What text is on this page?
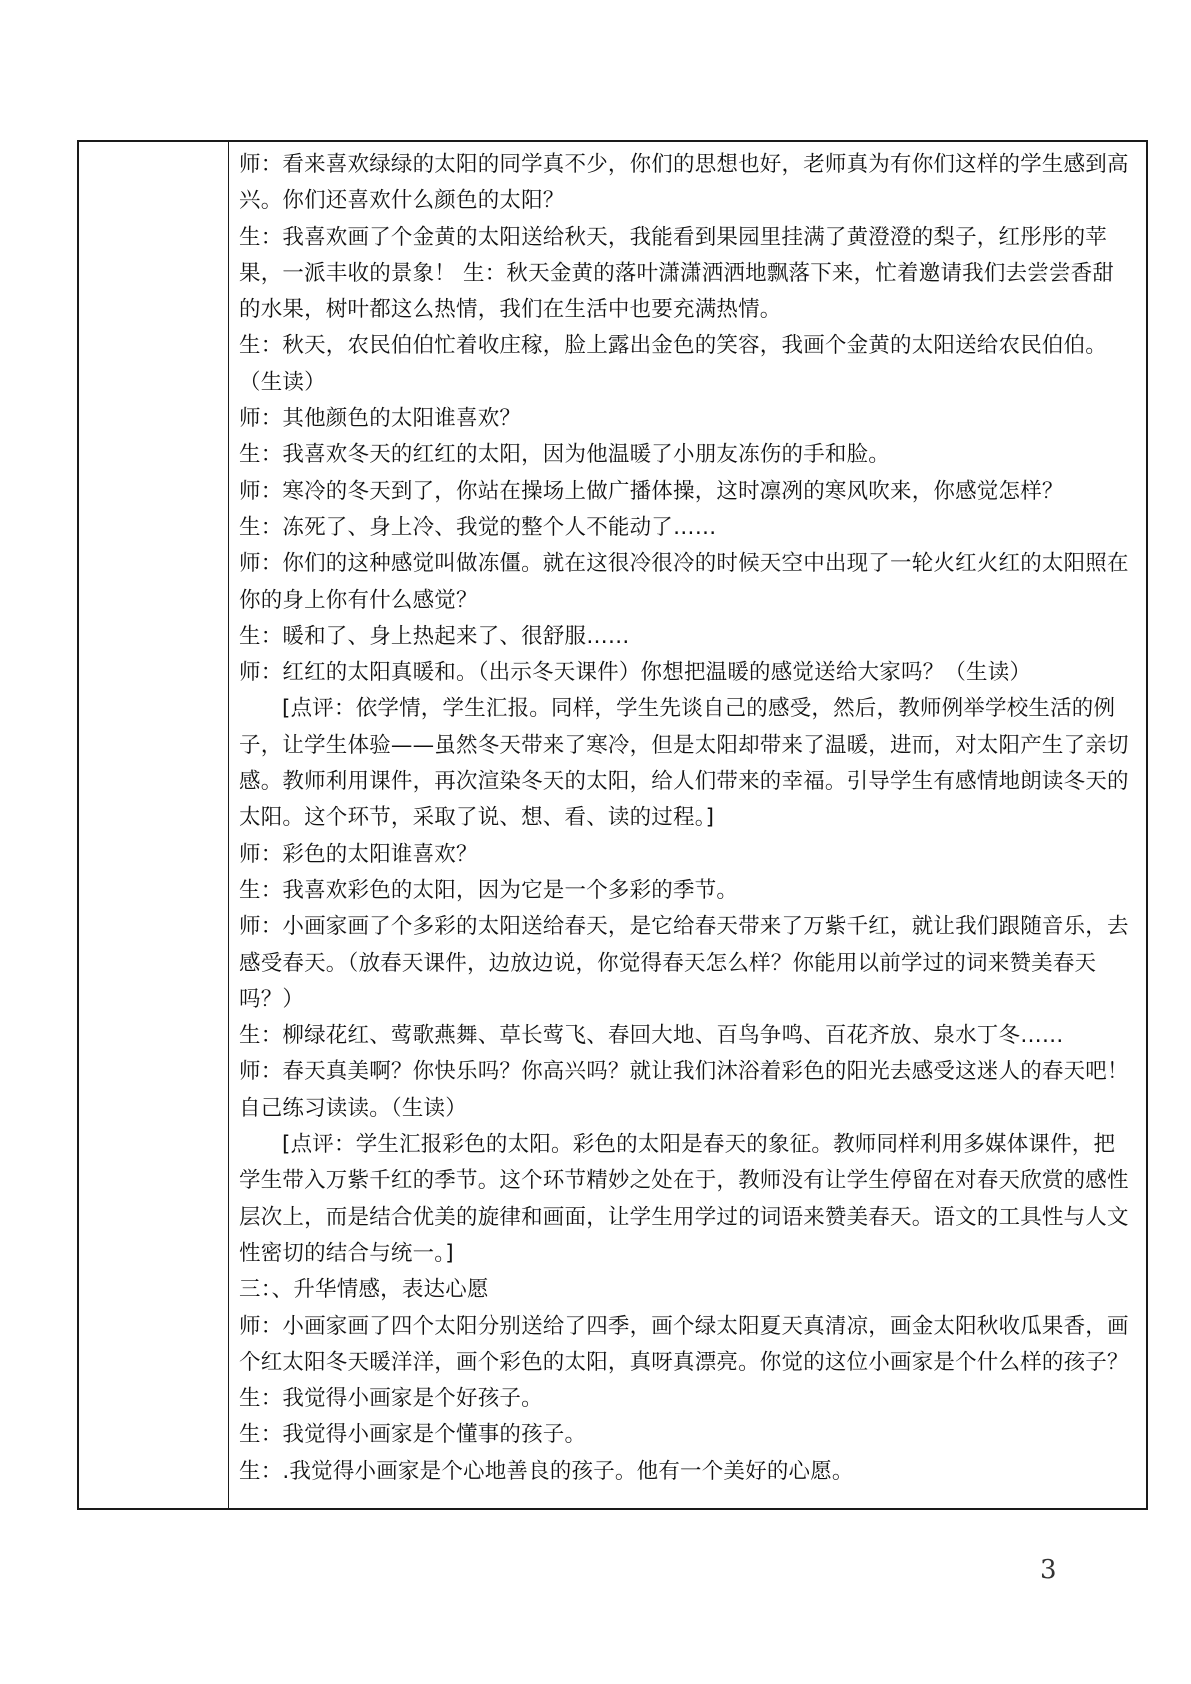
师：看来喜欢绿绿的太阳的同学真不少，你们的思想也好，老师真为有你们这样的学生感到高兴。你们还喜欢什么颜色的太阳？

生：我喜欢画了个金黄的太阳送给秋天，我能看到果园里挂满了黄澄澄的梨子，红彤彤的苹果，一派丰收的景象！ 生：秋天金黄的落叶潇潇洒洒地飘落下来，忙着邀请我们去尝尝香甜的水果，树叶都这么热情，我们在生活中也要充满热情。

生：秋天，农民伯伯忙着收庄稼，脸上露出金色的笑容，我画个金黄的太阳送给农民伯伯。（生读）

师：其他颜色的太阳谁喜欢？

生：我喜欢冬天的红红的太阳，因为他温暖了小朋友冻伤的手和脸。

师：寒冷的冬天到了，你站在操场上做广播体操，这时凛冽的寒风吹来，你感觉怎样？

生：冻死了、身上冷、我觉的整个人不能动了……

师：你们的这种感觉叫做冻僵。就在这很冷很冷的时候天空中出现了一轮火红火红的太阳照在你的身上你有什么感觉？

生：暖和了、身上热起来了、很舒服……

师：红红的太阳真暖和。（出示冬天课件）你想把温暖的感觉送给大家吗？（生读）

[点评：依学情，学生汇报。同样，学生先谈自己的感受，然后，教师例举学校生活的例子，让学生体验——虽然冬天带来了寒冷，但是太阳却带来了温暖，进而，对太阳产生了亲切感。教师利用课件，再次渲染冬天的太阳，给人们带来的幸福。引导学生有感情地朗读冬天的太阳。这个环节，采取了说、想、看、读的过程。]

师：彩色的太阳谁喜欢？

生：我喜欢彩色的太阳，因为它是一个多彩的季节。

师：小画家画了个多彩的太阳送给春天，是它给春天带来了万紫千红，就让我们跟随音乐，去感受春天。（放春天课件，边放边说，你觉得春天怎么样？你能用以前学过的词来赞美春天吗？）

生：柳绿花红、莺歌燕舞、草长莺飞、春回大地、百鸟争鸣、百花齐放、泉水丁冬……

师：春天真美啊？你快乐吗？你高兴吗？就让我们沐浴着彩色的阳光去感受这迷人的春天吧！自己练习读读。（生读）

[点评：学生汇报彩色的太阳。彩色的太阳是春天的象征。教师同样利用多媒体课件，把学生带入万紫千红的季节。这个环节精妙之处在于，教师没有让学生停留在对春天欣赏的感性层次上，而是结合优美的旋律和画面，让学生用学过的词语来赞美春天。语文的工具性与人文性密切的结合与统一。]

三：、升华情感，表达心愿

师：小画家画了四个太阳分别送给了四季，画个绿太阳夏天真清凉，画金太阳秋收瓜果香，画个红太阳冬天暖洋洋，画个彩色的太阳，真呀真漂亮。你觉的这位小画家是个什么样的孩子？

生：我觉得小画家是个好孩子。

生：我觉得小画家是个懂事的孩子。

生：.我觉得小画家是个心地善良的孩子。他有一个美好的心愿。

3
